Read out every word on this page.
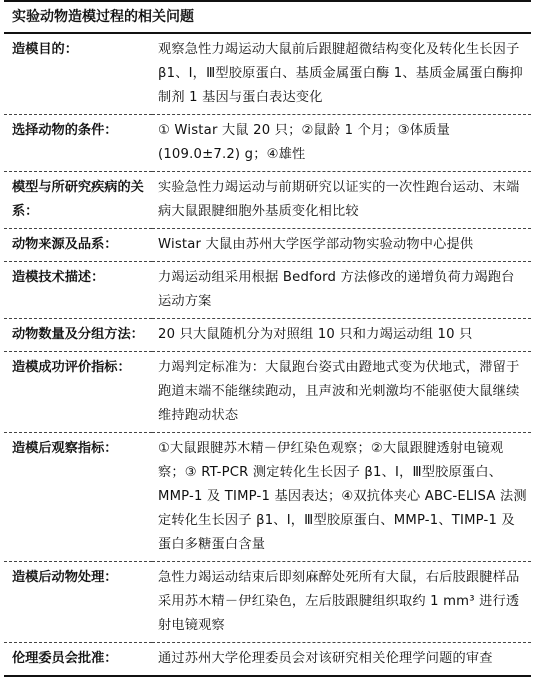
实验动物造模过程的相关问题
造模目的：	观察急性力竭运动大鼠前后跟腱超微结构变化及转化生长因子 β1、Ⅰ，Ⅲ型胶原蛋白、基质金属蛋白酶 1、基质金属蛋白酶抑制剂 1 基因与蛋白表达变化
选择动物的条件：	① Wistar 大鼠 20 只；②鼠龄 1 个月；③体质量 (109.0±7.2) g；④雄性
模型与所研究疾病的关系：	实验急性力竭运动与前期研究以证实的一次性跑台运动、末端病大鼠跟腱细胞外基质变化相比较
动物来源及品系：	Wistar 大鼠由苏州大学医学部动物实验动物中心提供
造模技术描述：	力竭运动组采用根据 Bedford 方法修改的递增负荷力竭跑台运动方案
动物数量及分组方法：	20 只大鼠随机分为对照组 10 只和力竭运动组 10 只
造模成功评价指标：	力竭判定标准为：大鼠跑台姿式由蹬地式变为伏地式，滞留于跑道末端不能继续跑动，且声波和光刺激均不能驱使大鼠继续维持跑动状态
造模后观察指标：	①大鼠跟腱苏木精－伊红染色观察；②大鼠跟腱透射电镜观察；③ RT-PCR 测定转化生长因子 β1、Ⅰ，Ⅲ型胶原蛋白、MMP-1 及 TIMP-1 基因表达；④双抗体夹心 ABC-ELISA 法测定转化生长因子 β1、Ⅰ，Ⅲ型胶原蛋白、MMP-1、TIMP-1 及蛋白多糖蛋白含量
造模后动物处理：	急性力竭运动结束后即刻麻醉处死所有大鼠，右后肢跟腱样品采用苏木精－伊红染色，左后肢跟腱组织取约 1 mm³ 进行透射电镜观察
伦理委员会批准：	通过苏州大学伦理委员会对该研究相关伦理学问题的审查
